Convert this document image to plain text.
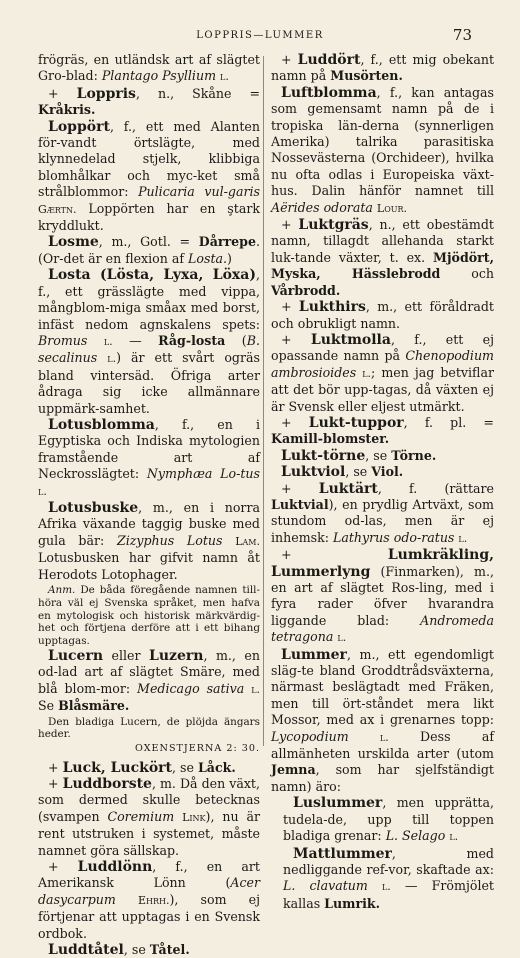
LOPPRIS—LUMMER	73

frögräs, en utländsk art af slägtet Gro-blad: Plantago Psyllium l.

+ Loppris, n., Skåne = Kråkris.

Loppört, f., ett med Alanten för-vandt örtslägte, med klynnedelad stjelk, klibbiga blomhålkar och myc-ket små strålblommor: Pulicaria vul-garis Gærtn. Loppörten har en ştark kryddlukt.

Losme, m., Gotl. = Dårrepe. (Or-det är en flexion af Losta.)

Losta (Lösta, Lyxa, Löxa), f., ett grässlägte med vippa, mångblom-miga småax med borst, infäst nedom agnskalens spets: Bromus l. — Råg-losta (B. secalinus l.) är ett svårt ogräs bland vintersäd. Öfriga arter ådraga sig icke allmännare uppmärk-samhet.

Lotusblomma, f., en i Egyptiska och Indiska mytologien framstående art af Neckrosslägtet: Nymphæa Lo-tus l.

Lotusbuske, m., en i norra Afrika växande taggig buske med gula bär: Zizyphus Lotus Lam. Lotusbusken har gifvit namn åt Herodots Lotophager.

Anm. De båda föregående namnen till-höra väl ej Svenska språket, men hafva en mytologisk och historisk märkvärdig-het och förtjena derföre att i ett bihang upptagas.

Lucern eller Luzern, m., en od-lad art af slägtet Smäre, med blå blom-mor: Medicago sativa l. Se Blåsmäre.

Den bladiga Lucern, de plöjda ängars heder.

OXENSTJERNA 2: 30.

+ Luck, Luckört, se Låck.

+ Luddborste, m. Då den växt, som dermed skulle betecknas (svampen Coremium Link), nu är rent utstruken i systemet, måste namnet göra sällskap.

+ Luddlönn, f., en art Amerikansk Lönn (Acer dasycarpum Ehrh.), som ej förtjenar att upptagas i en Svensk ordbok.

Luddtåtel, se Tåtel.

+ Luddört, f., ett mig obekant namn på Musörten.

Luftblomma, f., kan antagas som gemensamt namn på de i tropiska län-derna (synnerligen Amerika) talrika parasitiska Nossevästerna (Orchideer), hvilka nu ofta odlas i Europeiska växt-hus. Dalin hänför namnet till Aërides odorata Lour.

+ Luktgräs, n., ett obestämdt namn, tillagdt allehanda starkt luk-tande växter, t. ex. Mjödört, Myska, Hässlebrodd och Vårbrodd.

+ Lukthirs, m., ett föråldradt och obrukligt namn.

+ Luktmolla, f., ett ej opassande namn på Chenopodium ambrosioides l.; men jag betviflar att det bör upp-tagas, då växten ej är Svensk eller eljest utmärkt.

+ Lukt-tuppor, f. pl. = Kamill-blomster.

Lukt-törne, se Törne.

Luktviol, se Viol.

+ Luktärt, f. (rättare Luktvial), en prydlig Artväxt, som stundom od-las, men är ej inhemsk: Lathyrus odo-ratus l.

+	Lumkräkling, Lummerlyng (Finmarken), m., en art af slägtet Ros-ling, med i fyra rader öfver hvarandra liggande blad: Andromeda tetragona l.

Lummer, m., ett egendomligt släg-te bland Groddtrådsväxterna, närmast beslägtadt med Fräken, men till ört-ståndet mera likt Mossor, med ax i grenarnes topp: Lycopodium	l. Dess af allmänheten urskilda arter (utom Jemna, som har sjelfständigt namn) äro:

Luslummer, men upprätta, tudela-de, upp till toppen bladiga grenar: L. Selago l.

Mattlummer, med nedliggande ref-vor, skaftade ax: L. clavatum l. — Frömjölet kallas Lumrik.
